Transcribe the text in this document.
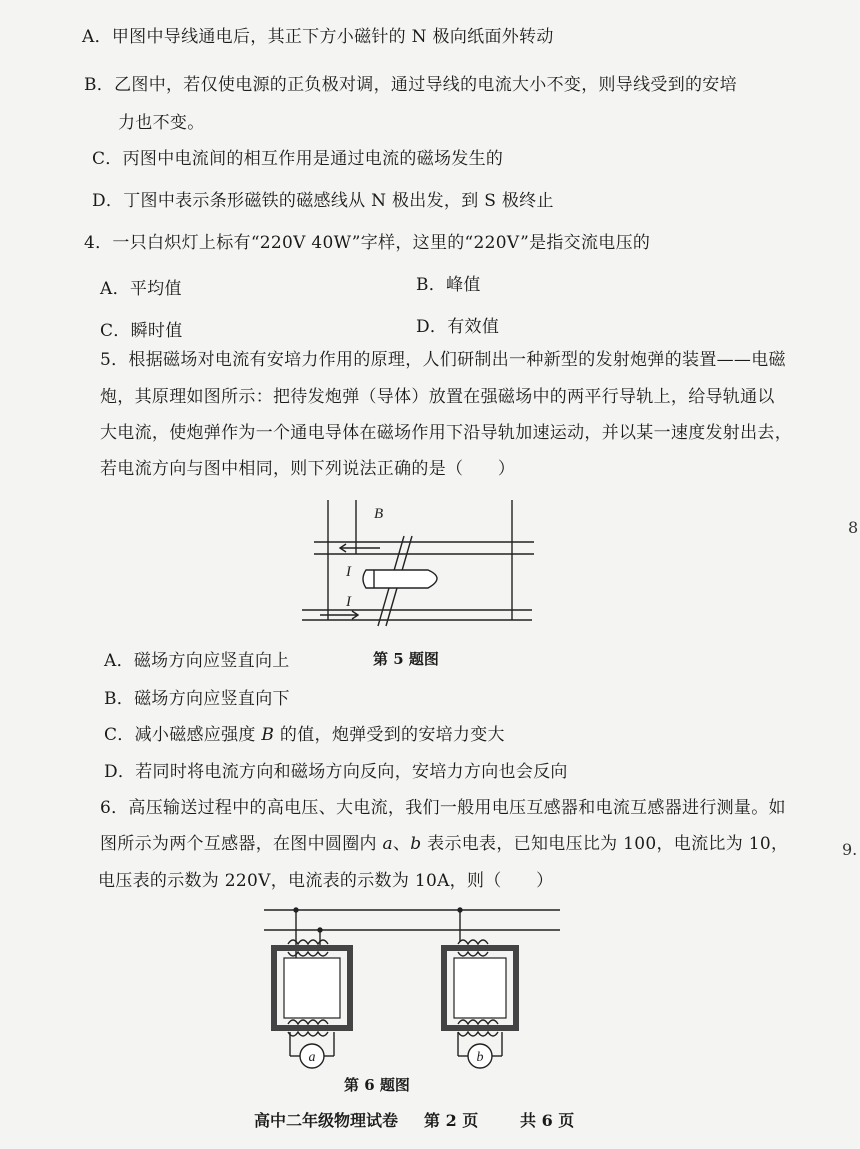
A．甲图中导线通电后，其正下方小磁针的 N 极向纸面外转动
B．乙图中，若仅使电源的正负极对调，通过导线的电流大小不变，则导线受到的安培
力也不变。
C．丙图中电流间的相互作用是通过电流的磁场发生的
D．丁图中表示条形磁铁的磁感线从 N 极出发，到 S 极终止
4．一只白炽灯上标有“220V 40W”字样，这里的“220V”是指交流电压的
A．平均值	B．峰值
C．瞬时值	D．有效值
5．根据磁场对电流有安培力作用的原理，人们研制出一种新型的发射炮弹的装置——电磁
炮，其原理如图所示：把待发炮弹（导体）放置在强磁场中的两平行导轨上，给导轨通以
大电流，使炮弹作为一个通电导体在磁场作用下沿导轨加速运动，并以某一速度发射出去，
若电流方向与图中相同，则下列说法正确的是（　　）
B
I
I
A．磁场方向应竖直向上	第 5 题图
B．磁场方向应竖直向下
C．减小磁感应强度 B 的值，炮弹受到的安培力变大
D．若同时将电流方向和磁场方向反向，安培力方向也会反向
6．高压输送过程中的高电压、大电流，我们一般用电压互感器和电流互感器进行测量。如
图所示为两个互感器，在图中圆圈内 a、b 表示电表，已知电压比为 100，电流比为 10，
电压表的示数为 220V，电流表的示数为 10A，则（　　）
a	b
第 6 题图
高中二年级物理试卷 第 2 页	共 6 页
8
9.
